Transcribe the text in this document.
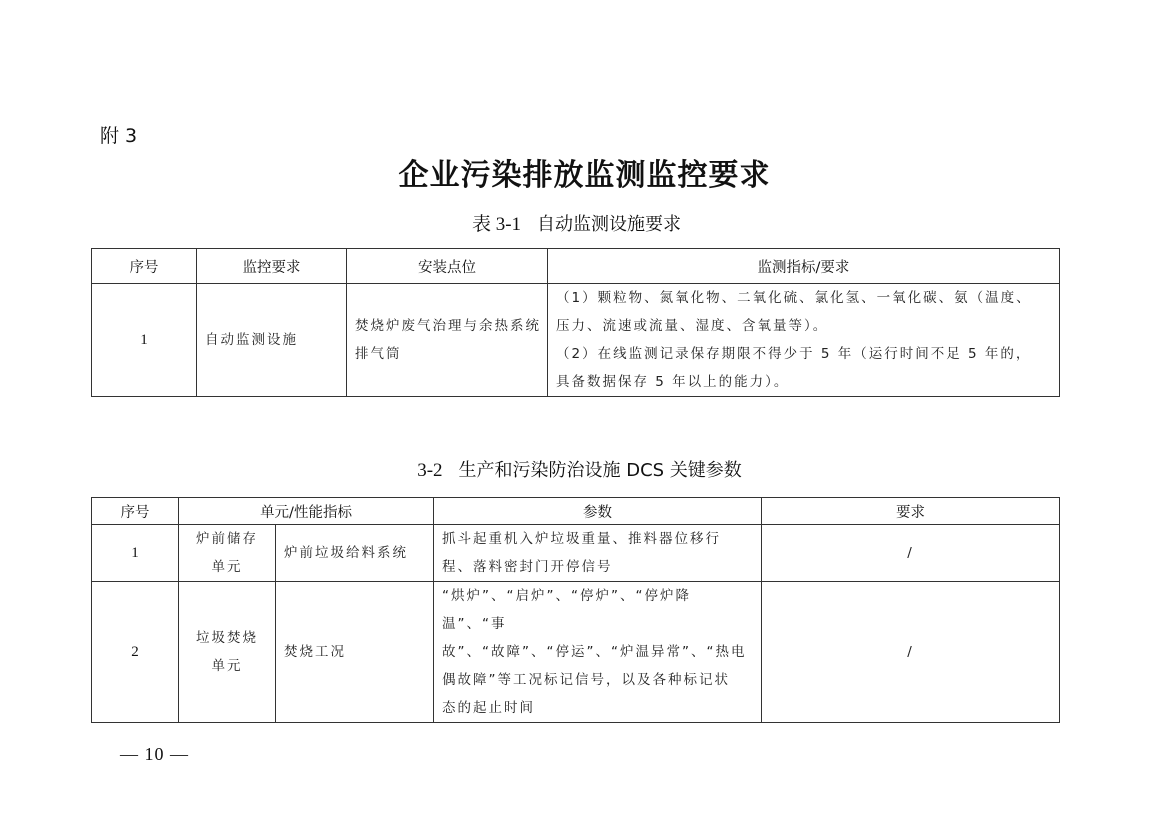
附 3
企业污染排放监测监控要求
表 3-1 自动监测设施要求
序号	监控要求	安装点位	监测指标/要求
1	自动监测设施	焚烧炉废气治理与余热系统排气筒	（1）颗粒物、氮氧化物、二氧化硫、氯化氢、一氧化碳、氨（温度、
压力、流速或流量、湿度、含氧量等）。
（2）在线监测记录保存期限不得少于 5 年（运行时间不足 5 年的，
具备数据保存 5 年以上的能力）。
3-2 生产和污染防治设施 DCS 关键参数
序号	单元/性能指标		参数	要求
1	炉前储存
单元	炉前垃圾给料系统	抓斗起重机入炉垃圾重量、推料器位移行
程、落料密封门开停信号	/
2	垃圾焚烧
单元	焚烧工况	“烘炉”、“启炉”、“停炉”、“停炉降温”、“事
故”、“故障”、“停运”、“炉温异常”、“热电
偶故障”等工况标记信号，以及各种标记状
态的起止时间	/
— 10 —
